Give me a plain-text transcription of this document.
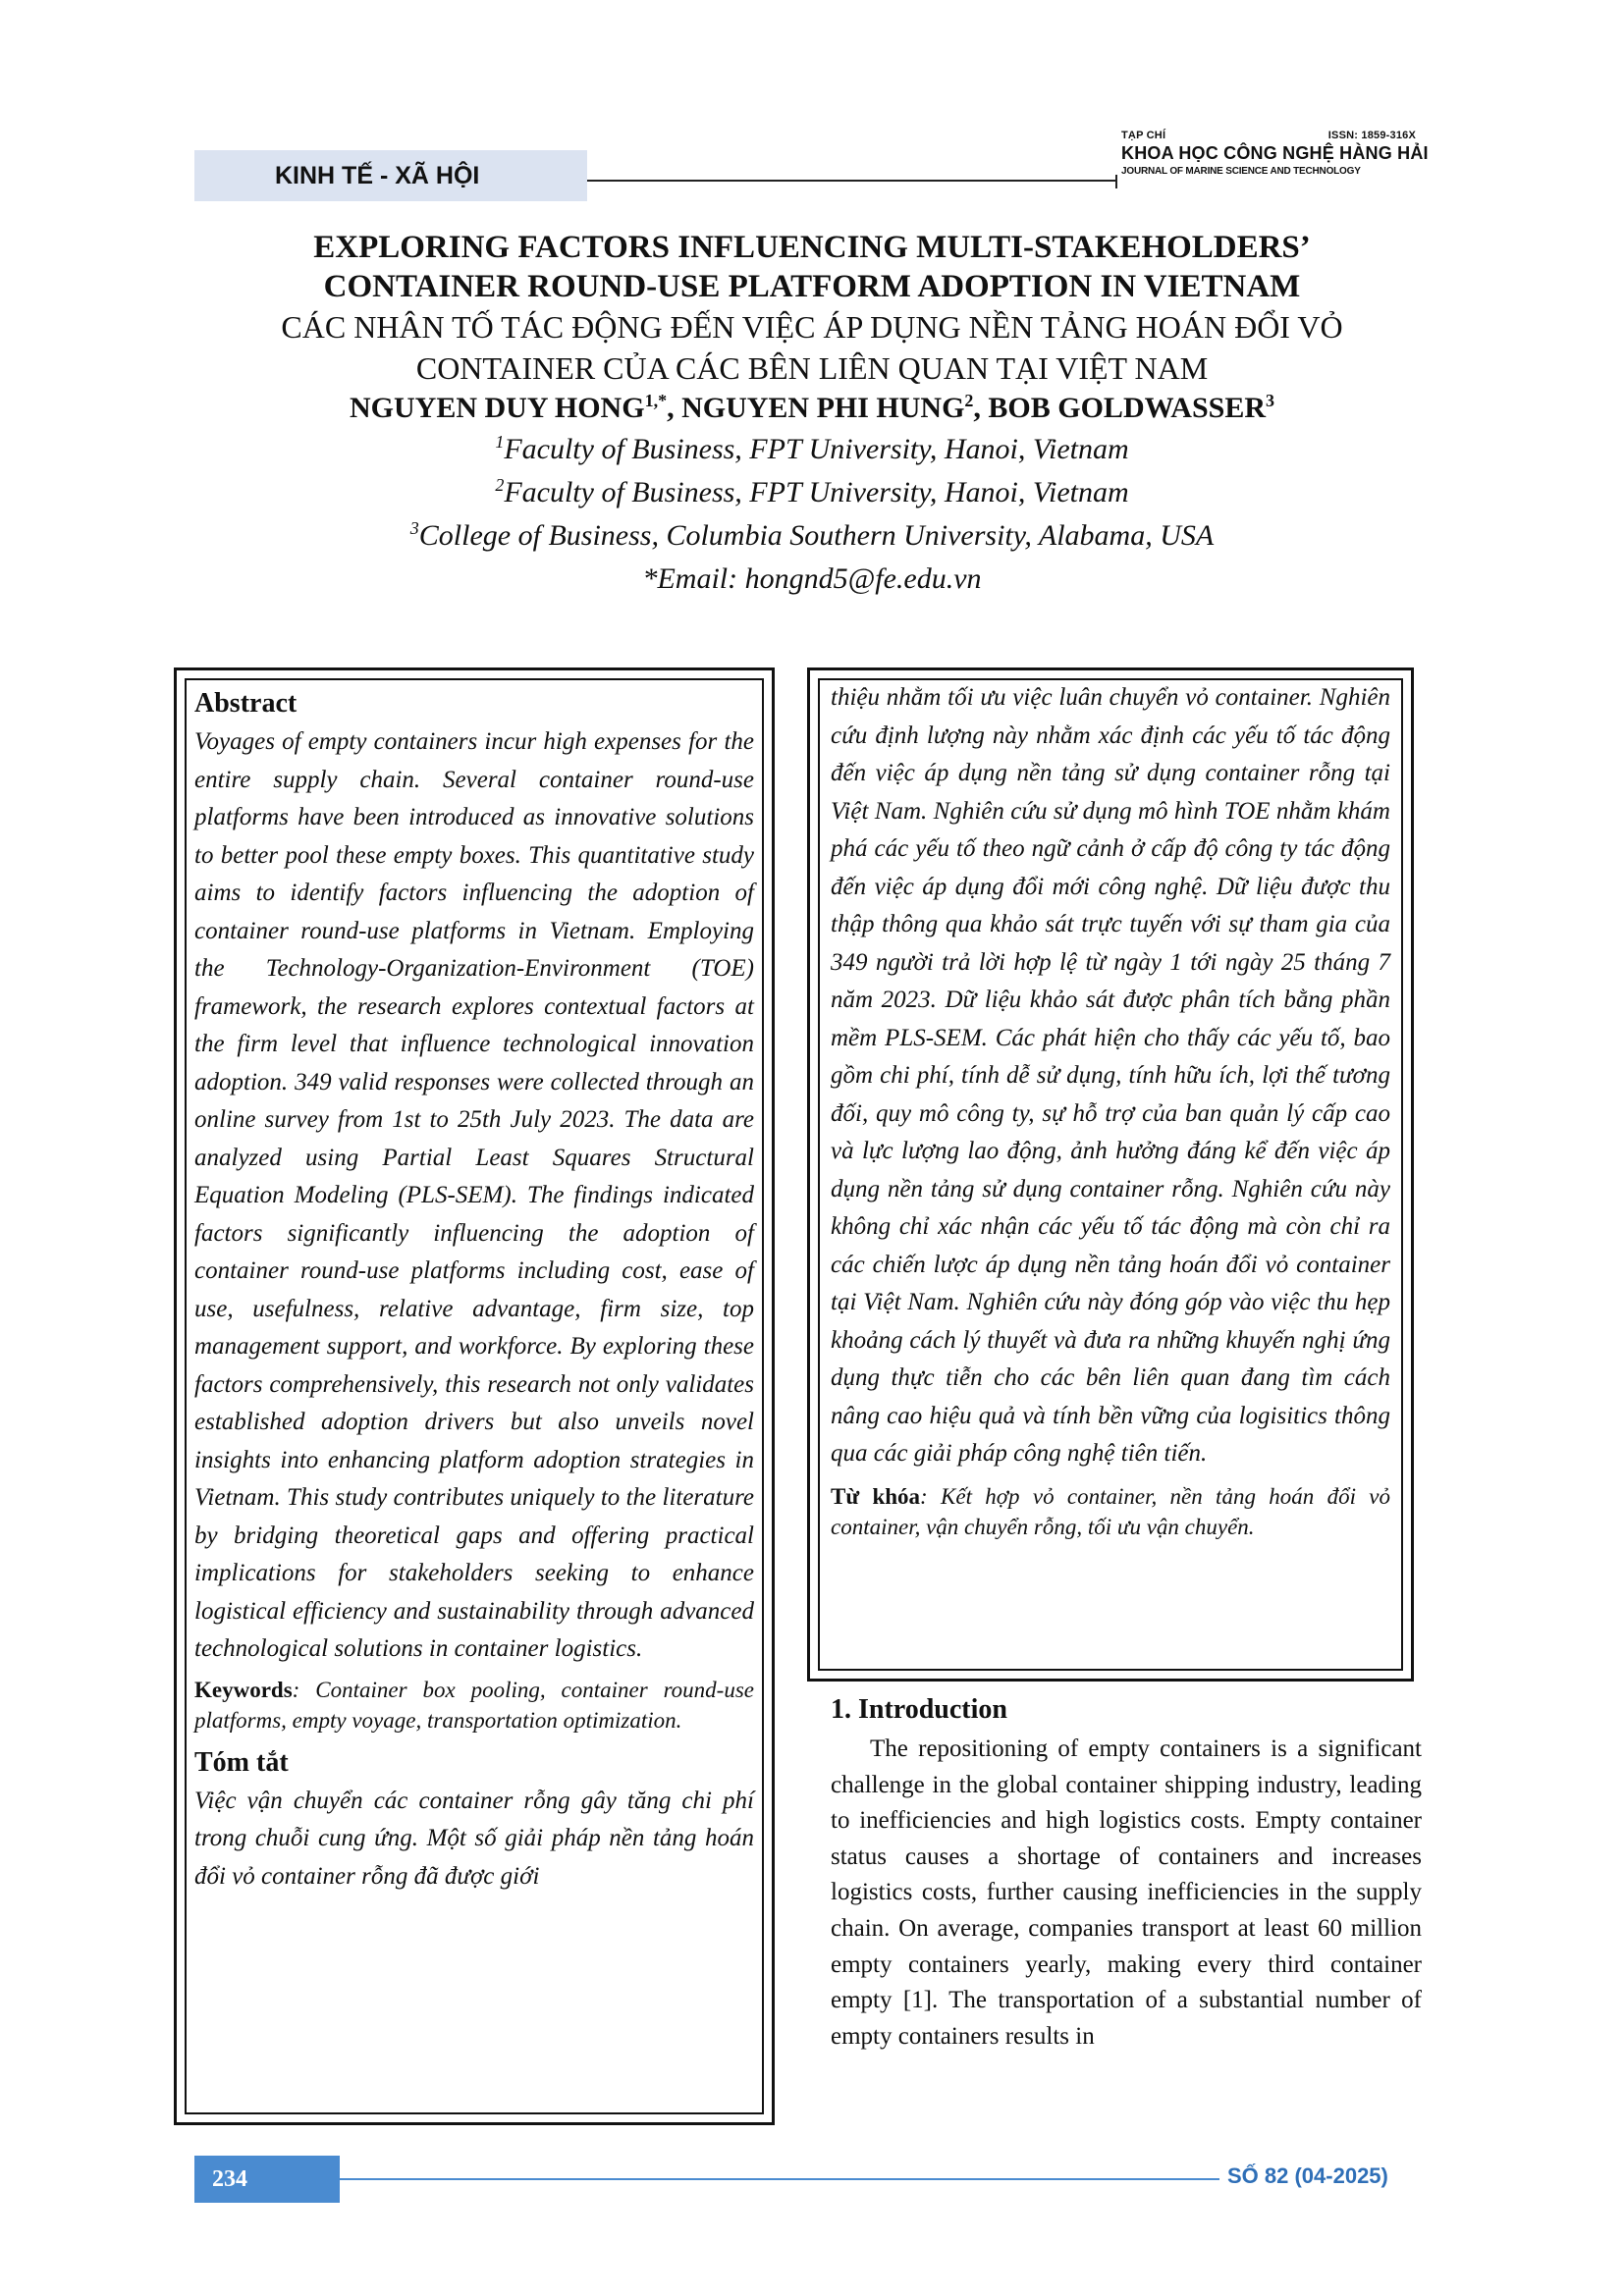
KINH TẾ - XÃ HỘI
TẠP CHÍ	ISSN: 1859-316X
KHOA HỌC CÔNG NGHỆ HÀNG HẢI
JOURNAL OF MARINE SCIENCE AND TECHNOLOGY
EXPLORING FACTORS INFLUENCING MULTI-STAKEHOLDERS’
CONTAINER ROUND-USE PLATFORM ADOPTION IN VIETNAM
CÁC NHÂN TỐ TÁC ĐỘNG ĐẾN VIỆC ÁP DỤNG NỀN TẢNG HOÁN ĐỔI VỎ
CONTAINER CỦA CÁC BÊN LIÊN QUAN TẠI VIỆT NAM
NGUYEN DUY $HONG^{1,*}$, NGUYEN PHI HUNG$^2$, BOB GOLDWASSER$^3$
$^1$Faculty of Business, FPT University, Hanoi, Vietnam
$^2$Faculty of Business, FPT University, Hanoi, Vietnam
$^3$College of Business, Columbia Southern University, Alabama, USA
*Email: hongnd5@fe.edu.vn
Abstract
Voyages of empty containers incur high expenses for the entire supply chain. Several container round-use platforms have been introduced as innovative solutions to better pool these empty boxes. This quantitative study aims to identify factors influencing the adoption of container round-use platforms in Vietnam. Employing the Technology-Organization-Environment (TOE) framework, the research explores contextual factors at the firm level that influence technological innovation adoption. 349 valid responses were collected through an online survey from 1st to 25th July 2023. The data are analyzed using Partial Least Squares Structural Equation Modeling (PLS-SEM). The findings indicated factors significantly influencing the adoption of container round-use platforms including cost, ease of use, usefulness, relative advantage, firm size, top management support, and workforce. By exploring these factors comprehensively, this research not only validates established adoption drivers but also unveils novel insights into enhancing platform adoption strategies in Vietnam. This study contributes uniquely to the literature by bridging theoretical gaps and offering practical implications for stakeholders seeking to enhance logistical efficiency and sustainability through advanced technological solutions in container logistics.
Keywords: Container box pooling, container round-use platforms, empty voyage, transportation optimization.
Tóm tắt
Việc vận chuyển các container rỗng gây tăng chi phí trong chuỗi cung ứng. Một số giải pháp nền tảng hoán đổi vỏ container rỗng đã được giới
thiệu nhằm tối ưu việc luân chuyển vỏ container. Nghiên cứu định lượng này nhằm xác định các yếu tố tác động đến việc áp dụng nền tảng sử dụng container rỗng tại Việt Nam. Nghiên cứu sử dụng mô hình TOE nhằm khám phá các yếu tố theo ngữ cảnh ở cấp độ công ty tác động đến việc áp dụng đổi mới công nghệ. Dữ liệu được thu thập thông qua khảo sát trực tuyến với sự tham gia của 349 người trả lời hợp lệ từ ngày 1 tới ngày 25 tháng 7 năm 2023. Dữ liệu khảo sát được phân tích bằng phần mềm PLS-SEM. Các phát hiện cho thấy các yếu tố, bao gồm chi phí, tính dễ sử dụng, tính hữu ích, lợi thế tương đối, quy mô công ty, sự hỗ trợ của ban quản lý cấp cao và lực lượng lao động, ảnh hưởng đáng kể đến việc áp dụng nền tảng sử dụng container rỗng. Nghiên cứu này không chỉ xác nhận các yếu tố tác động mà còn chỉ ra các chiến lược áp dụng nền tảng hoán đổi vỏ container tại Việt Nam. Nghiên cứu này đóng góp vào việc thu hẹp khoảng cách lý thuyết và đưa ra những khuyến nghị ứng dụng thực tiễn cho các bên liên quan đang tìm cách nâng cao hiệu quả và tính bền vững của logisitics thông qua các giải pháp công nghệ tiên tiến.
Từ khóa: Kết hợp vỏ container, nền tảng hoán đổi vỏ container, vận chuyển rỗng, tối ưu vận chuyển.
1. Introduction
The repositioning of empty containers is a significant challenge in the global container shipping industry, leading to inefficiencies and high logistics costs. Empty container status causes a shortage of containers and increases logistics costs, further causing inefficiencies in the supply chain. On average, companies transport at least 60 million empty containers yearly, making every third container empty [1]. The transportation of a substantial number of empty containers results in
234	SỐ 82 (04-2025)
